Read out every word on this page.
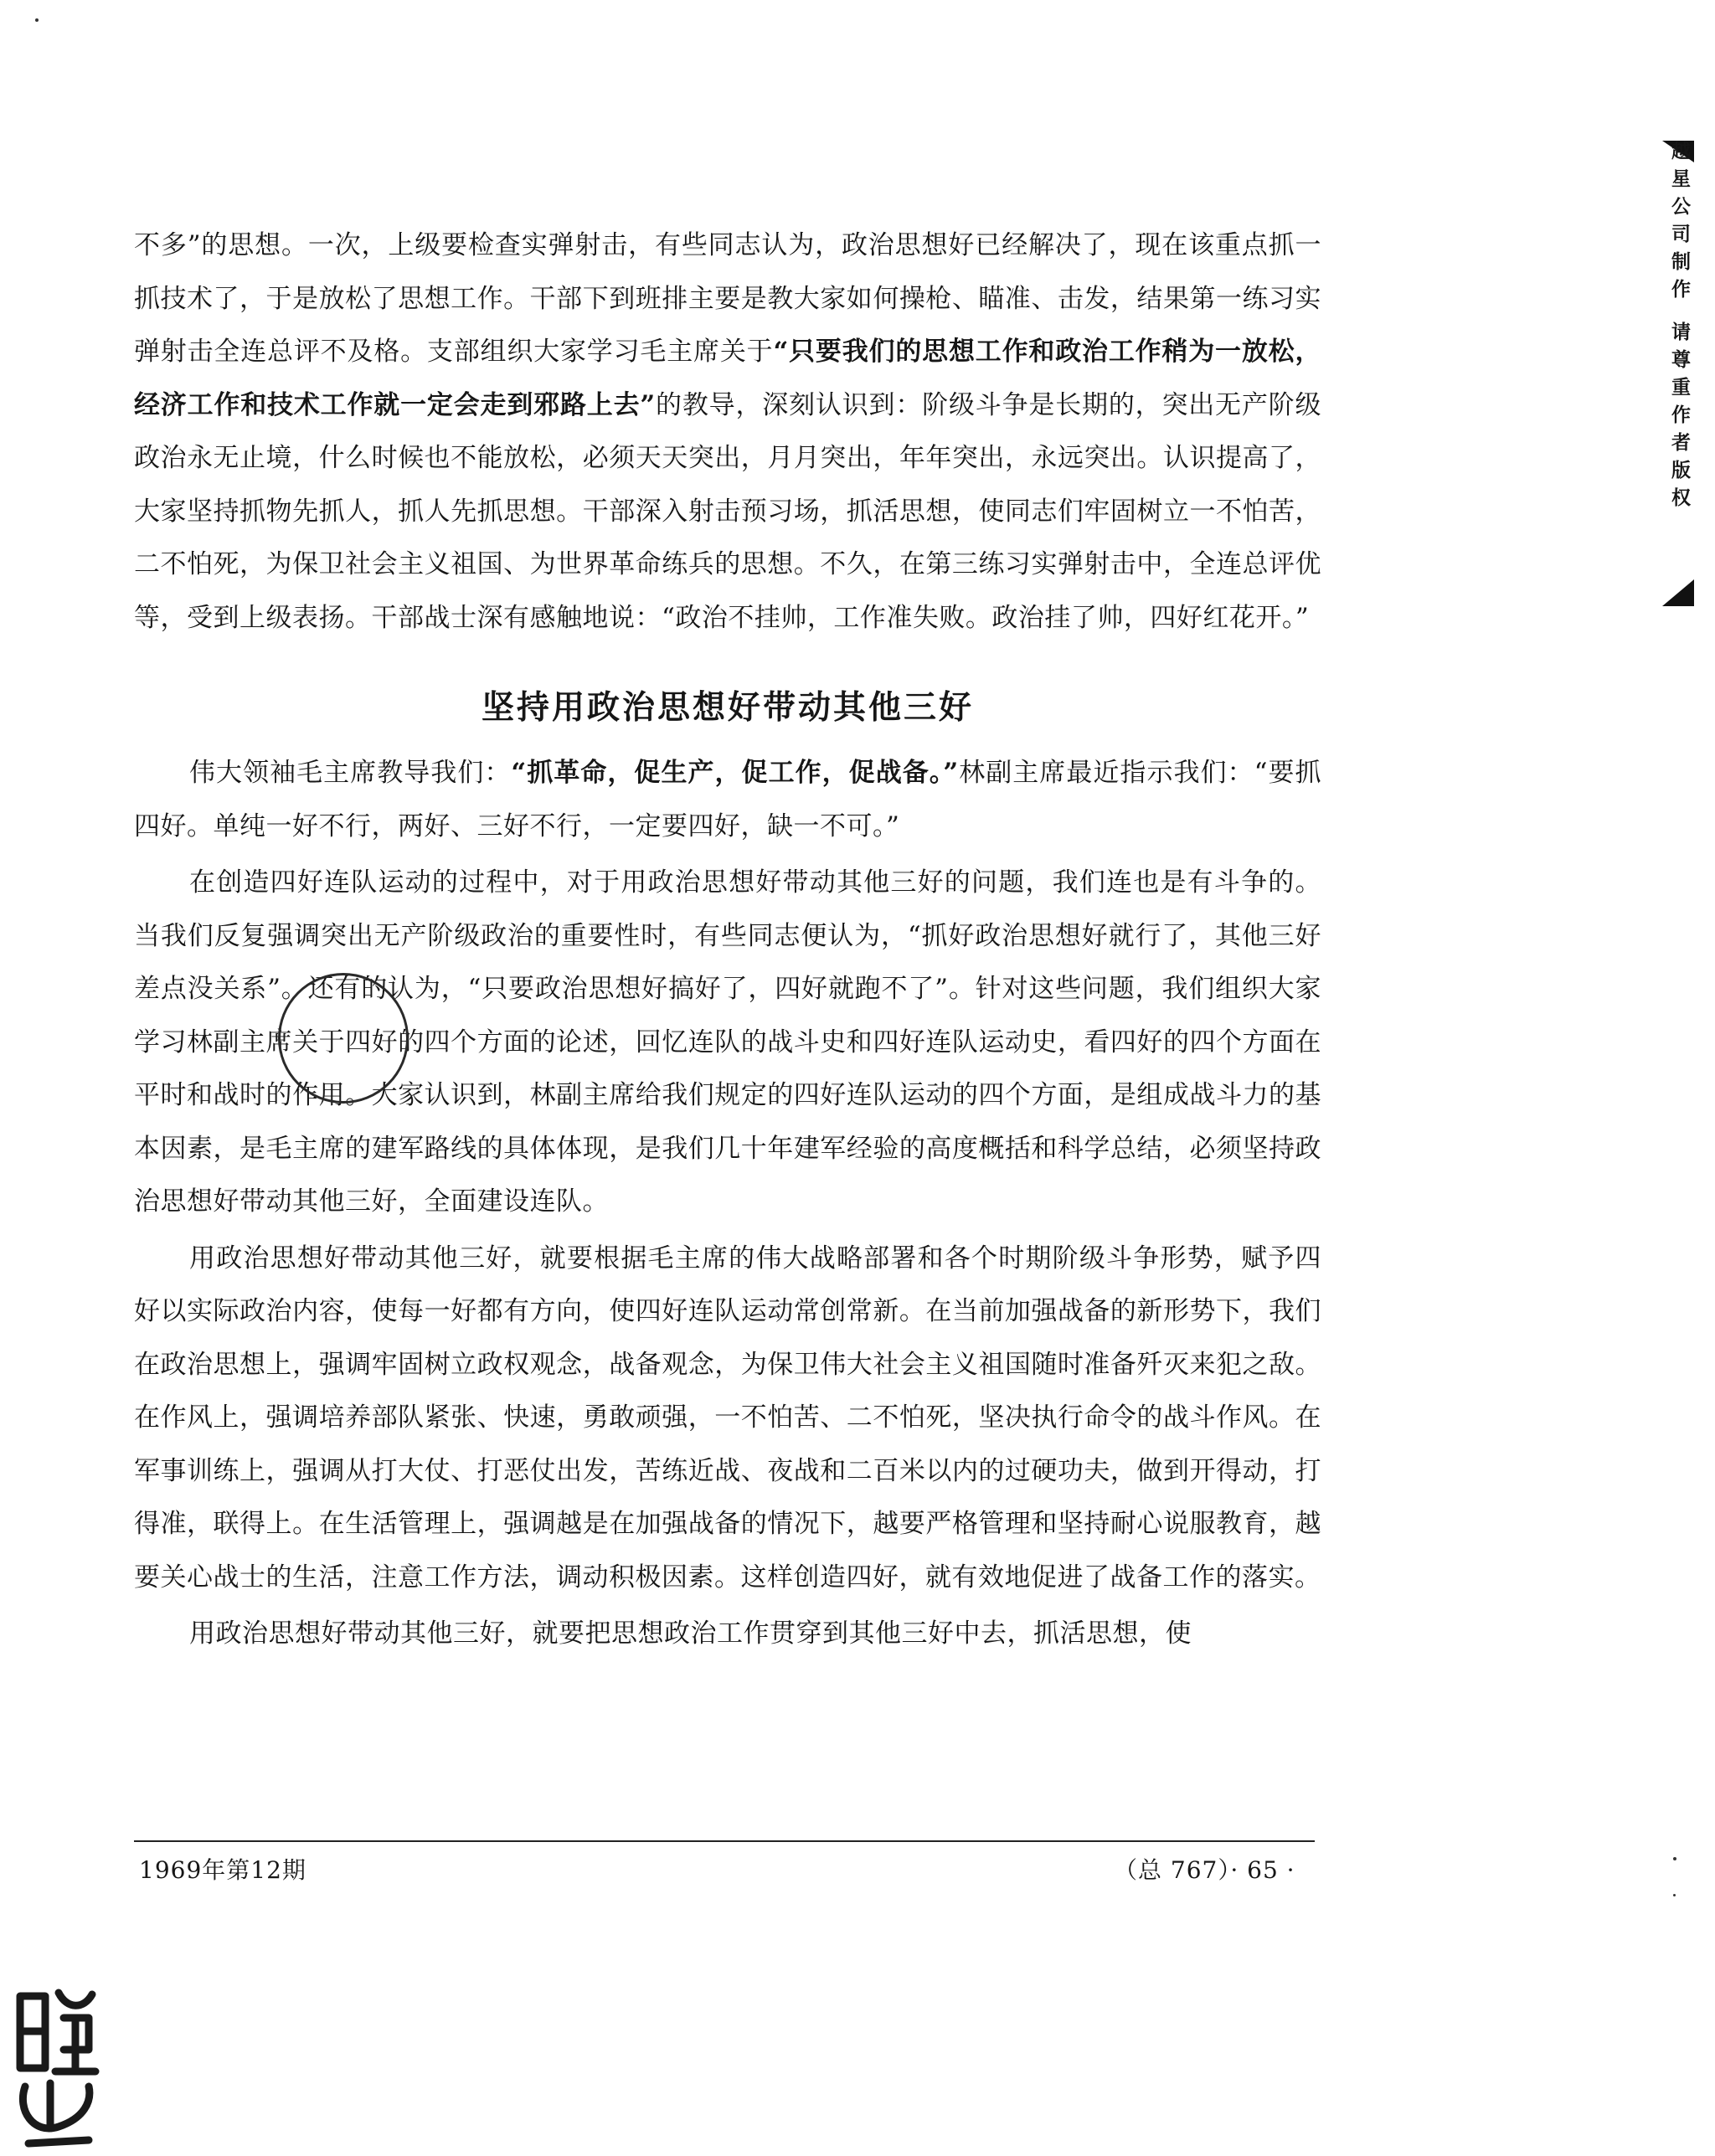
不多”的思想。一次，上级要检查实弹射击，有些同志认为，政治思想好已经解决了，现在该重点抓一抓技术了，于是放松了思想工作。干部下到班排主要是教大家如何操枪、瞄准、击发，结果第一练习实弹射击全连总评不及格。支部组织大家学习毛主席关于“只要我们的思想工作和政治工作稍为一放松，经济工作和技术工作就一定会走到邪路上去”的教导，深刻认识到：阶级斗争是长期的，突出无产阶级政治永无止境，什么时候也不能放松，必须天天突出，月月突出，年年突出，永远突出。认识提高了，大家坚持抓物先抓人，抓人先抓思想。干部深入射击预习场，抓活思想，使同志们牢固树立一不怕苦，二不怕死，为保卫社会主义祖国、为世界革命练兵的思想。不久，在第三练习实弹射击中，全连总评优等，受到上级表扬。干部战士深有感触地说：“政治不挂帅，工作准失败。政治挂了帅，四好红花开。”

坚持用政治思想好带动其他三好

伟大领袖毛主席教导我们：“抓革命，促生产，促工作，促战备。”林副主席最近指示我们：“要抓四好。单纯一好不行，两好、三好不行，一定要四好，缺一不可。”

在创造四好连队运动的过程中，对于用政治思想好带动其他三好的问题，我们连也是有斗争的。当我们反复强调突出无产阶级政治的重要性时，有些同志便认为，“抓好政治思想好就行了，其他三好差点没关系”。还有的认为，“只要政治思想好搞好了，四好就跑不了”。针对这些问题，我们组织大家学习林副主席关于四好的四个方面的论述，回忆连队的战斗史和四好连队运动史，看四好的四个方面在平时和战时的作用。大家认识到，林副主席给我们规定的四好连队运动的四个方面，是组成战斗力的基本因素，是毛主席的建军路线的具体体现，是我们几十年建军经验的高度概括和科学总结，必须坚持政治思想好带动其他三好，全面建设连队。

用政治思想好带动其他三好，就要根据毛主席的伟大战略部署和各个时期阶级斗争形势，赋予四好以实际政治内容，使每一好都有方向，使四好连队运动常创常新。在当前加强战备的新形势下，我们在政治思想上，强调牢固树立政权观念，战备观念，为保卫伟大社会主义祖国随时准备歼灭来犯之敌。在作风上，强调培养部队紧张、快速，勇敢顽强，一不怕苦、二不怕死，坚决执行命令的战斗作风。在军事训练上，强调从打大仗、打恶仗出发，苦练近战、夜战和二百米以内的过硬功夫，做到开得动，打得准，联得上。在生活管理上，强调越是在加强战备的情况下，越要严格管理和坚持耐心说服教育，越要关心战士的生活，注意工作方法，调动积极因素。这样创造四好，就有效地促进了战备工作的落实。

用政治思想好带动其他三好，就要把思想政治工作贯穿到其他三好中去，抓活思想，使

1969年第12期	（总 767）· 65 ·
越星公司制作 请尊重作者版权
